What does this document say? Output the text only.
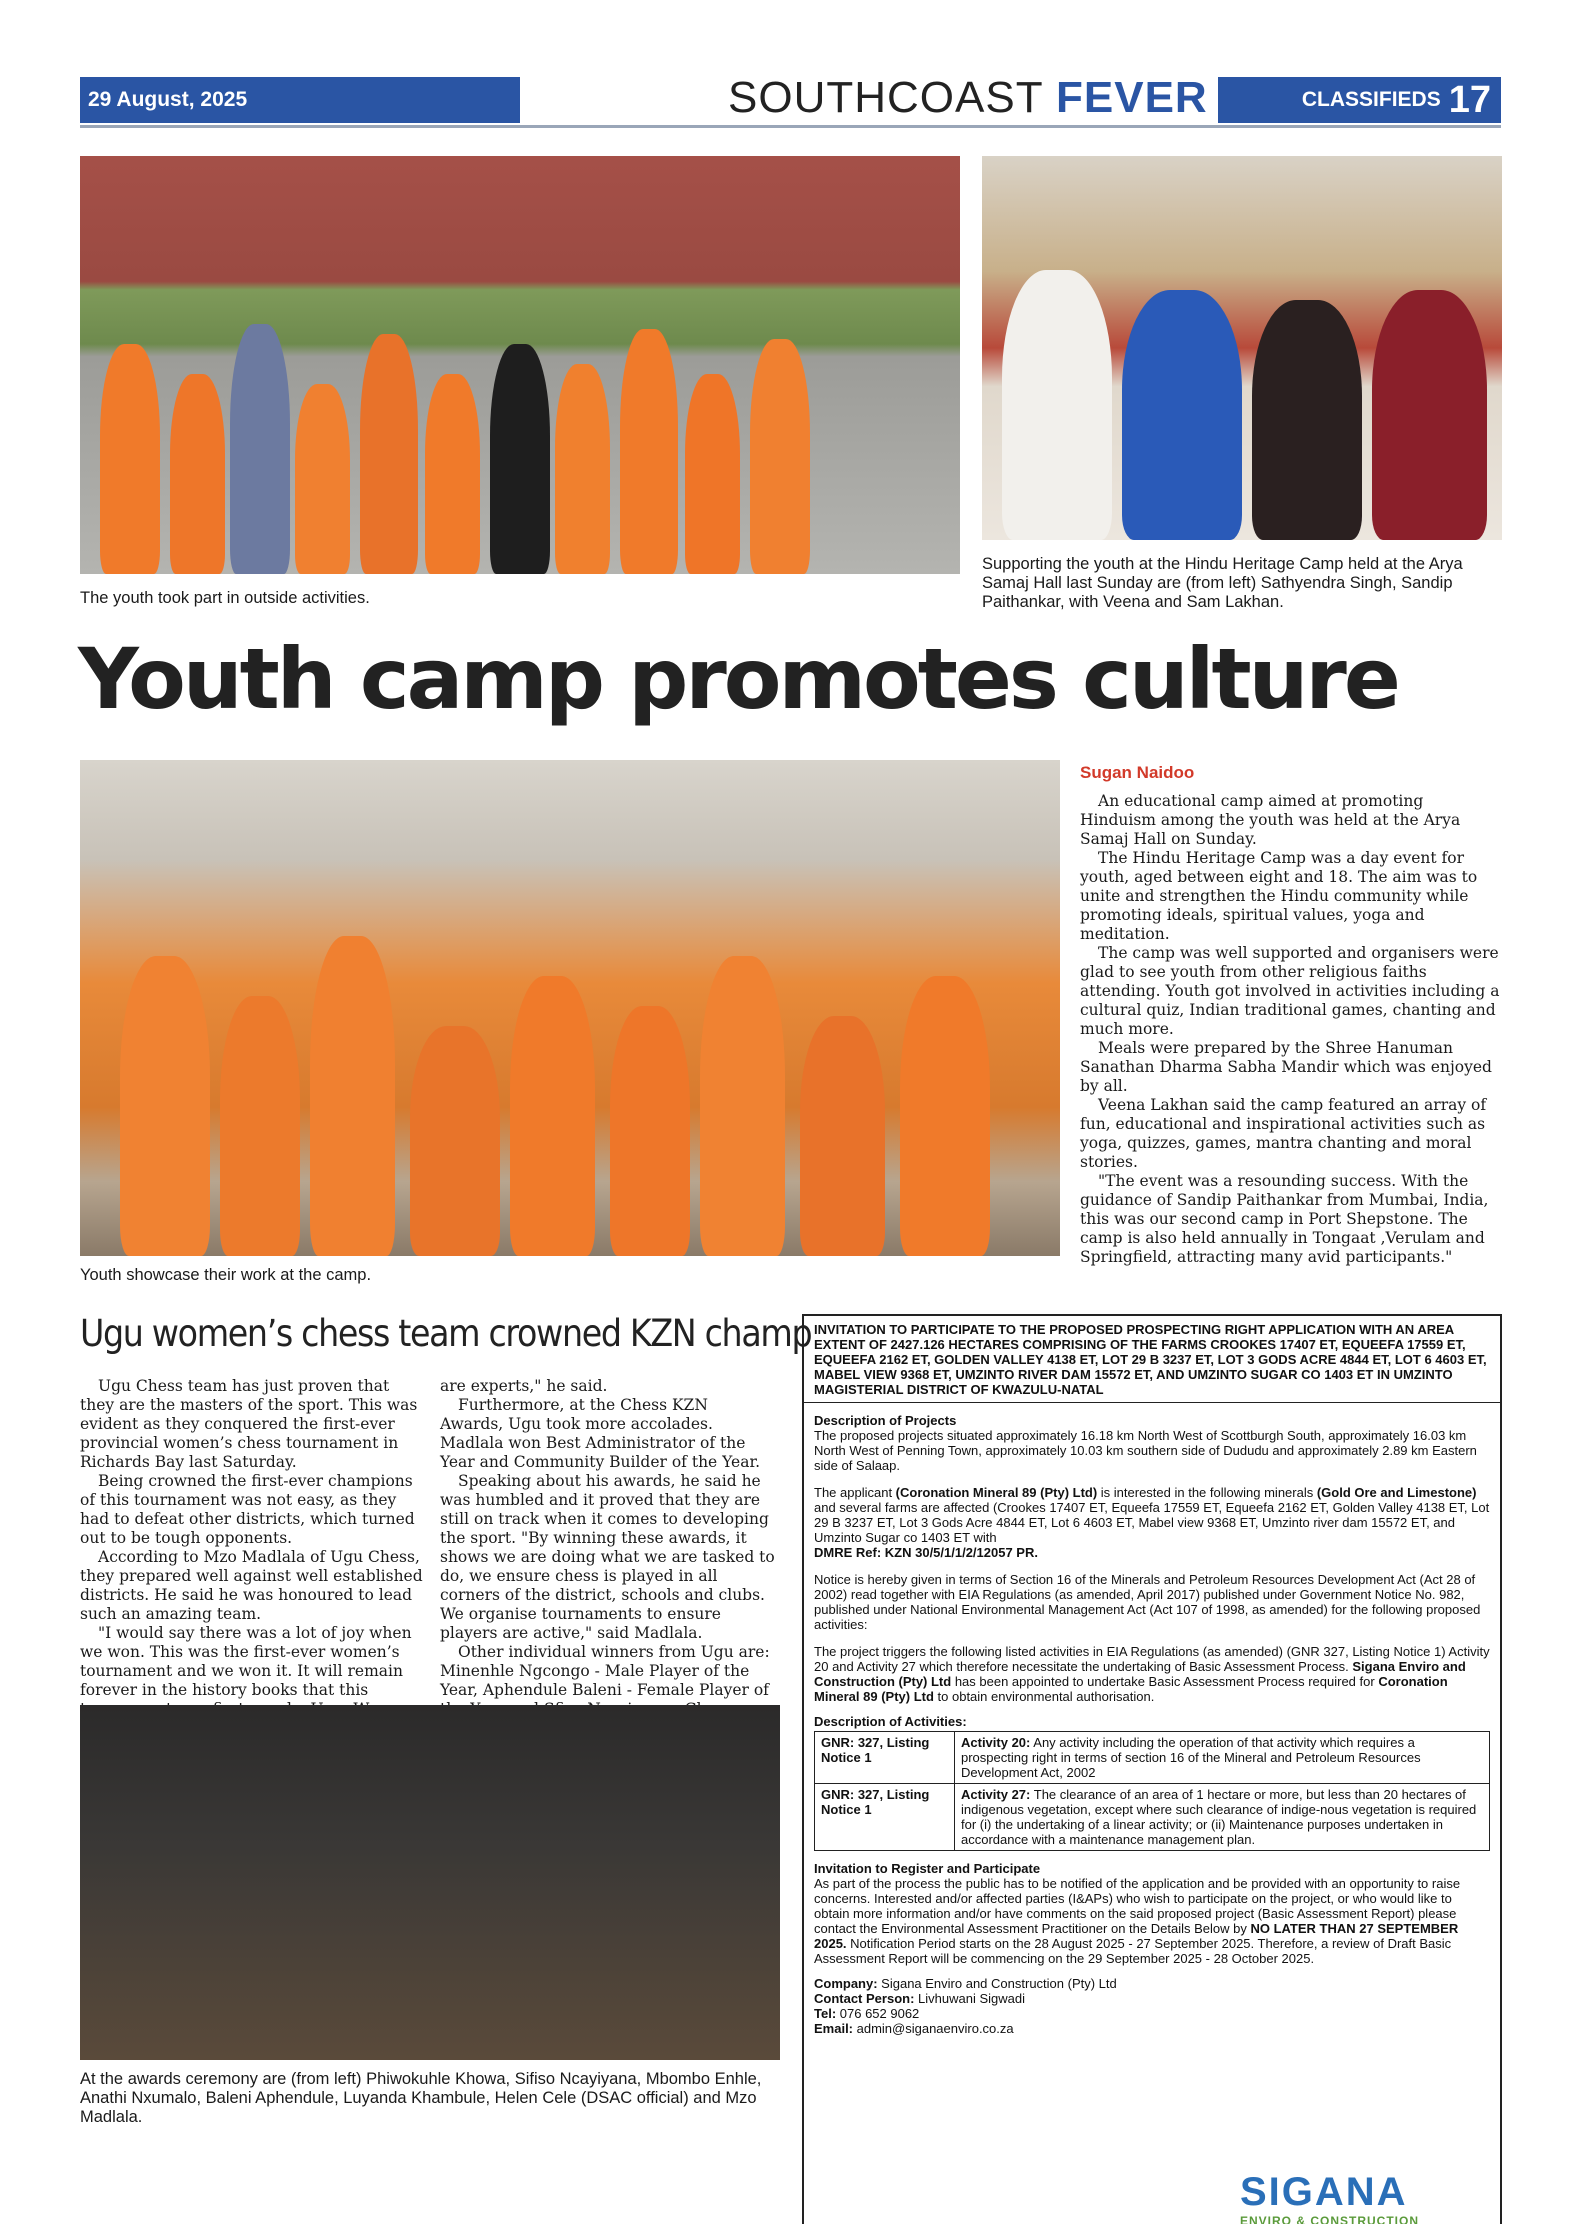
29 August, 2025	SOUTHCOAST FEVER	CLASSIFIEDS 17
The youth took part in outside activities.
Supporting the youth at the Hindu Heritage Camp held at the Arya Samaj Hall last Sunday are (from left) Sathyendra Singh, Sandip Paithankar, with Veena and Sam Lakhan.
Youth camp promotes culture
Youth showcase their work at the camp.
Sugan Naidoo

An educational camp aimed at promoting Hinduism among the youth was held at the Arya Samaj Hall on Sunday.

The Hindu Heritage Camp was a day event for youth, aged between eight and 18. The aim was to unite and strengthen the Hindu community while promoting ideals, spiritual values, yoga and meditation.

The camp was well supported and organisers were glad to see youth from other religious faiths attending. Youth got involved in activities including a cultural quiz, Indian traditional games, chanting and much more.

Meals were prepared by the Shree Hanuman Sanathan Dharma Sabha Mandir which was enjoyed by all.

Veena Lakhan said the camp featured an array of fun, educational and inspirational activities such as yoga, quizzes, games, mantra chanting and moral stories.

"The event was a resounding success. With the guidance of Sandip Paithankar from Mumbai, India, this was our second camp in Port Shepstone. The camp is also held annually in Tongaat ,Verulam and Springfield, attracting many avid participants."

Ugu women’s chess team crowned KZN champ

Ugu Chess team has just proven that they are the masters of the sport. This was evident as they conquered the first-ever provincial women’s chess tournament in Richards Bay last Saturday.

Being crowned the first-ever champions of this tournament was not easy, as they had to defeat other districts, which turned out to be tough opponents.

According to Mzo Madlala of Ugu Chess, they prepared well against well established districts. He said he was honoured to lead such an amazing team.

"I would say there was a lot of joy when we won. This was the first-ever women’s tournament and we won it. It will remain forever in the history books that this

are experts," he said.

Furthermore, at the Chess KZN Awards, Ugu took more accolades. Madlala won Best Administrator of the Year and Community Builder of the Year.

Speaking about his awards, he said he was humbled and it proved that they are still on track when it comes to developing the sport. "By winning these awards, it shows we are doing what we are tasked to do, we ensure chess is played in all corners of the district, schools and clubs. We organise tournaments to ensure players are active," said Madlala.

Other individual winners from Ugu are: Minenhle Ngcongo - Male Player of the Year, Aphendule Baleni - Female Player of

At the awards ceremony are (from left) Phiwokuhle Khowa, Sifiso Ncayiyana, Mbombo Enhle, Anathi Nxumalo, Baleni Aphendule, Luyanda Khambule, Helen Cele (DSAC official) and Mzo Madlala.
INVITATION TO PARTICIPATE TO THE PROPOSED PROSPECTING RIGHT APPLICATION WITH AN AREA EXTENT OF 2427.126 HECTARES COMPRISING OF THE FARMS CROOKES 17407 ET, EQUEEFA 17559 ET, EQUEEFA 2162 ET, GOLDEN VALLEY 4138 ET, LOT 29 B 3237 ET, LOT 3 GODS ACRE 4844 ET, LOT 6 4603 ET, MABEL VIEW 9368 ET, UMZINTO RIVER DAM 15572 ET, AND UMZINTO SUGAR CO 1403 ET IN UMZINTO MAGISTERIAL DISTRICT OF KWAZULU-NATAL
Description of Projects

The proposed projects situated approximately 16.18 km North West of Scottburgh South, approximately 16.03 km North West of Penning Town, approximately 10.03 km southern side of Dududu and approximately 2.89 km Eastern side of Salaap.

The applicant (Coronation Mineral 89 (Pty) Ltd) is interested in the following minerals (Gold Ore and Limestone) and several farms are affected (Crookes 17407 ET, Equeefa 17559 ET, Equeefa 2162 ET, Golden Valley 4138 ET, Lot 29 B 3237 ET, Lot 3 Gods Acre 4844 ET, Lot 6 4603 ET, Mabel view 9368 ET, Umzinto river dam 15572 ET, and Umzinto Sugar co 1403 ET with

DMRE Ref: KZN 30/5/1/1/2/12057 PR.

Notice is hereby given in terms of Section 16 of the Minerals and Petroleum Resources Development Act (Act 28 of 2002) read together with EIA Regulations (as amended, April 2017) published under Government Notice No. 982, published under National Environmental Management Act (Act 107 of 1998, as amended) for the following proposed activities:

The project triggers the following listed activities in EIA Regulations (as amended) (GNR 327, Listing Notice 1) Activity 20 and Activity 27 which therefore necessitate the undertaking of Basic Assessment Process. Sigana Enviro and Construction (Pty) Ltd has been appointed to undertake Basic Assessment Process required for Coronation Mineral 89 (Pty) Ltd to obtain environmental authorisation.

Description of Activities:
GNR: 327, Listing Notice 1	Activity 20: Any activity including the operation of that activity which requires a prospecting right in terms of section 16 of the Mineral and Petroleum Resources Development Act, 2002
GNR: 327, Listing Notice 1	Activity 27: The clearance of an area of 1 hectare or more, but less than 20 hectares of indigenous vegetation, except where such clearance of indige-nous vegetation is required for (i) the undertaking of a linear activity; or (ii) Maintenance purposes undertaken in accordance with a maintenance management plan.
Invitation to Register and Participate

As part of the process the public has to be notified of the application and be provided with an opportunity to raise concerns. Interested and/or affected parties (I&APs) who wish to participate on the project, or who would like to obtain more information and/or have comments on the said proposed project (Basic Assessment Report) please contact the Environmental Assessment Practitioner on the Details Below by NO LATER THAN 27 SEPTEMBER 2025. Notification Period starts on the 28 August 2025 - 27 September 2025. Therefore, a review of Draft Basic Assessment Report will be commencing on the 29 September 2025 - 28 October 2025.

Company: Sigana Enviro and Construction (Pty) Ltd
Contact Person: Livhuwani Sigwadi
Tel: 076 652 9062
Email: admin@siganaenviro.co.za
SIGANA
ENVIRO & CONSTRUCTION
